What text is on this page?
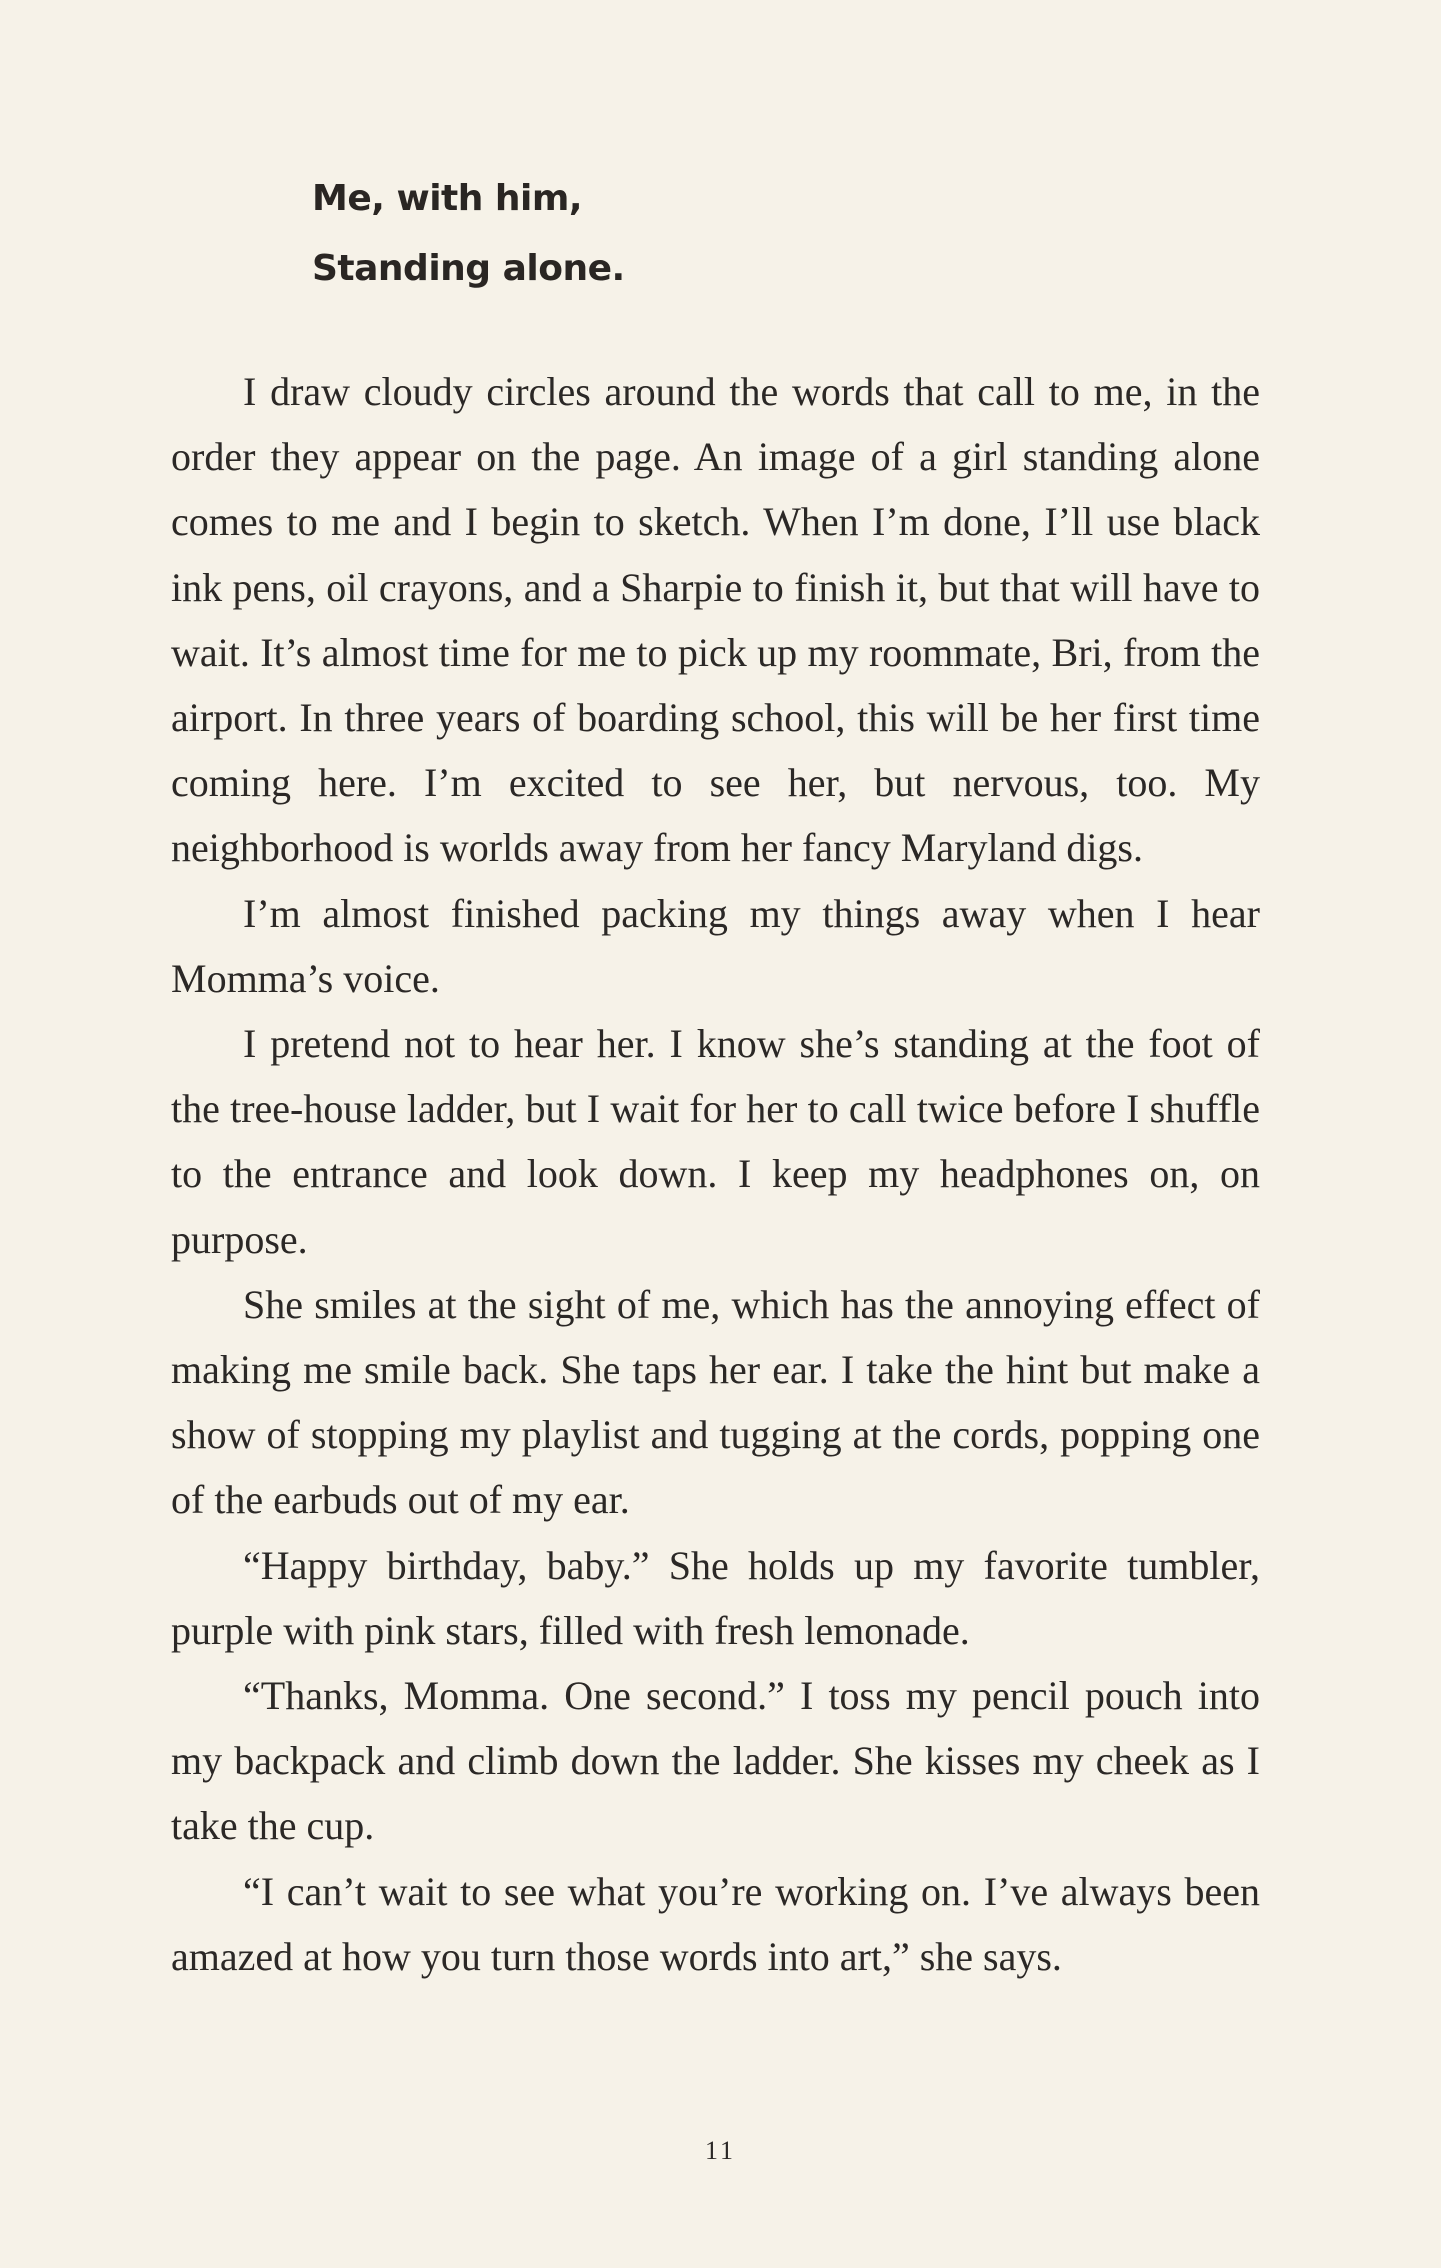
Me, with him,
Standing alone.

I draw cloudy circles around the words that call to me, in the order they appear on the page. An image of a girl standing alone comes to me and I begin to sketch. When I’m done, I’ll use black ink pens, oil crayons, and a Sharpie to finish it, but that will have to wait. It’s almost time for me to pick up my roommate, Bri, from the airport. In three years of boarding school, this will be her first time coming here. I’m excited to see her, but nervous, too. My neighborhood is worlds away from her fancy Maryland digs.

I’m almost finished packing my things away when I hear Momma’s voice.

I pretend not to hear her. I know she’s standing at the foot of the tree-house ladder, but I wait for her to call twice before I shuffle to the entrance and look down. I keep my headphones on, on purpose.

She smiles at the sight of me, which has the annoying effect of making me smile back. She taps her ear. I take the hint but make a show of stopping my playlist and tugging at the cords, popping one of the earbuds out of my ear.

“Happy birthday, baby.” She holds up my favorite tumbler, purple with pink stars, filled with fresh lemonade.

“Thanks, Momma. One second.” I toss my pencil pouch into my backpack and climb down the ladder. She kisses my cheek as I take the cup.

“I can’t wait to see what you’re working on. I’ve always been amazed at how you turn those words into art,” she says.

11
